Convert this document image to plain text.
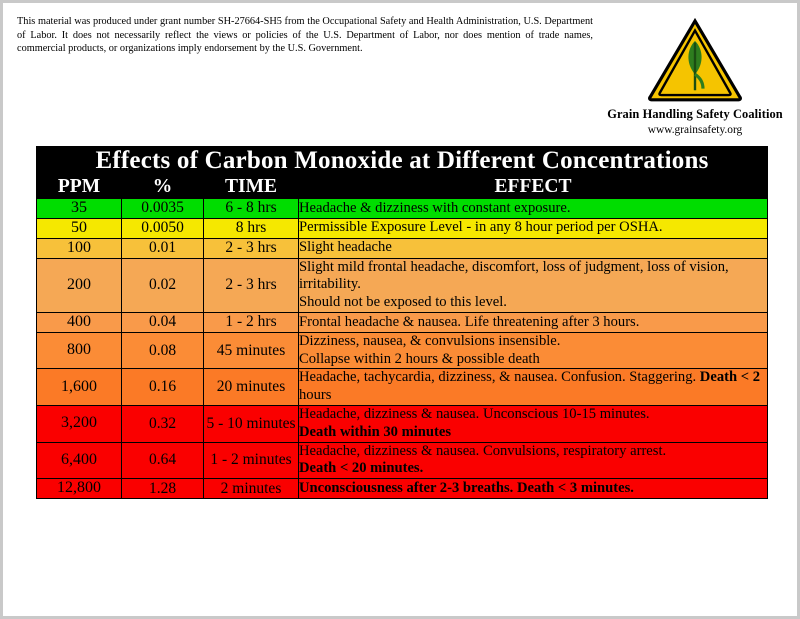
This material was produced under grant number SH-27664-SH5 from the Occupational Safety and Health Administration, U.S. Department of Labor. It does not necessarily reflect the views or policies of the U.S. Department of Labor, nor does mention of trade names, commercial products, or organizations imply endorsement by the U.S. Government.
Grain Handling Safety Coalition
www.grainsafety.org
Effects of Carbon Monoxide at Different Concentrations			
PPM	%	TIME	EFFECT
35	0.0035	6 - 8 hrs	Headache & dizziness with constant exposure.

50	0.0050	8 hrs	Permissible Exposure Level - in any 8 hour period per OSHA.

100	0.01	2 - 3 hrs	Slight headache

200	0.02	2 - 3 hrs	Slight mild frontal headache, discomfort, loss of judgment, loss of vision, irritability.
Should not be exposed to this level.

400	0.04	1 - 2 hrs	Frontal headache & nausea. Life threatening after 3 hours.

800	0.08	45 minutes	Dizziness, nausea, & convulsions insensible.
Collapse within 2 hours & possible death

1,600	0.16	20 minutes	Headache, tachycardia, dizziness, & nausea. Confusion. Staggering. Death < 2
hours

3,200	0.32	5 - 10 minutes	Headache, dizziness & nausea. Unconscious 10-15 minutes.
Death within 30 minutes

6,400	0.64	1 - 2 minutes	Headache, dizziness & nausea. Convulsions, respiratory arrest.
Death < 20 minutes.

12,800	1.28	2 minutes	Unconsciousness after 2-3 breaths. Death < 3 minutes.
